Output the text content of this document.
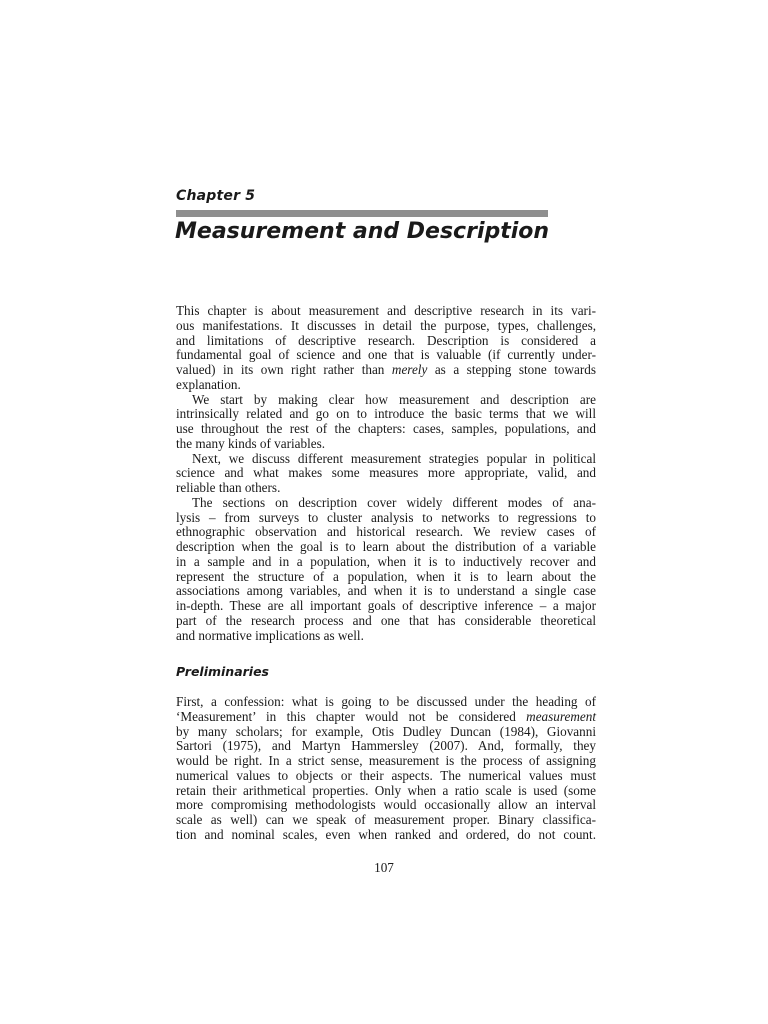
Chapter 5
Measurement and Description
This chapter is about measurement and descriptive research in its vari-
ous manifestations. It discusses in detail the purpose, types, challenges,
and limitations of descriptive research. Description is considered a
fundamental goal of science and one that is valuable (if currently under-
valued) in its own right rather than merely as a stepping stone towards
explanation.
We start by making clear how measurement and description are
intrinsically related and go on to introduce the basic terms that we will
use throughout the rest of the chapters: cases, samples, populations, and
the many kinds of variables.
Next, we discuss different measurement strategies popular in political
science and what makes some measures more appropriate, valid, and
reliable than others.
The sections on description cover widely different modes of ana-
lysis – from surveys to cluster analysis to networks to regressions to
ethnographic observation and historical research. We review cases of
description when the goal is to learn about the distribution of a variable
in a sample and in a population, when it is to inductively recover and
represent the structure of a population, when it is to learn about the
associations among variables, and when it is to understand a single case
in-depth. These are all important goals of descriptive inference – a major
part of the research process and one that has considerable theoretical
and normative implications as well.
Preliminaries
First, a confession: what is going to be discussed under the heading of
‘Measurement’ in this chapter would not be considered measurement
by many scholars; for example, Otis Dudley Duncan (1984), Giovanni
Sartori (1975), and Martyn Hammersley (2007). And, formally, they
would be right. In a strict sense, measurement is the process of assigning
numerical values to objects or their aspects. The numerical values must
retain their arithmetical properties. Only when a ratio scale is used (some
more compromising methodologists would occasionally allow an interval
scale as well) can we speak of measurement proper. Binary classifica-
tion and nominal scales, even when ranked and ordered, do not count.
107
